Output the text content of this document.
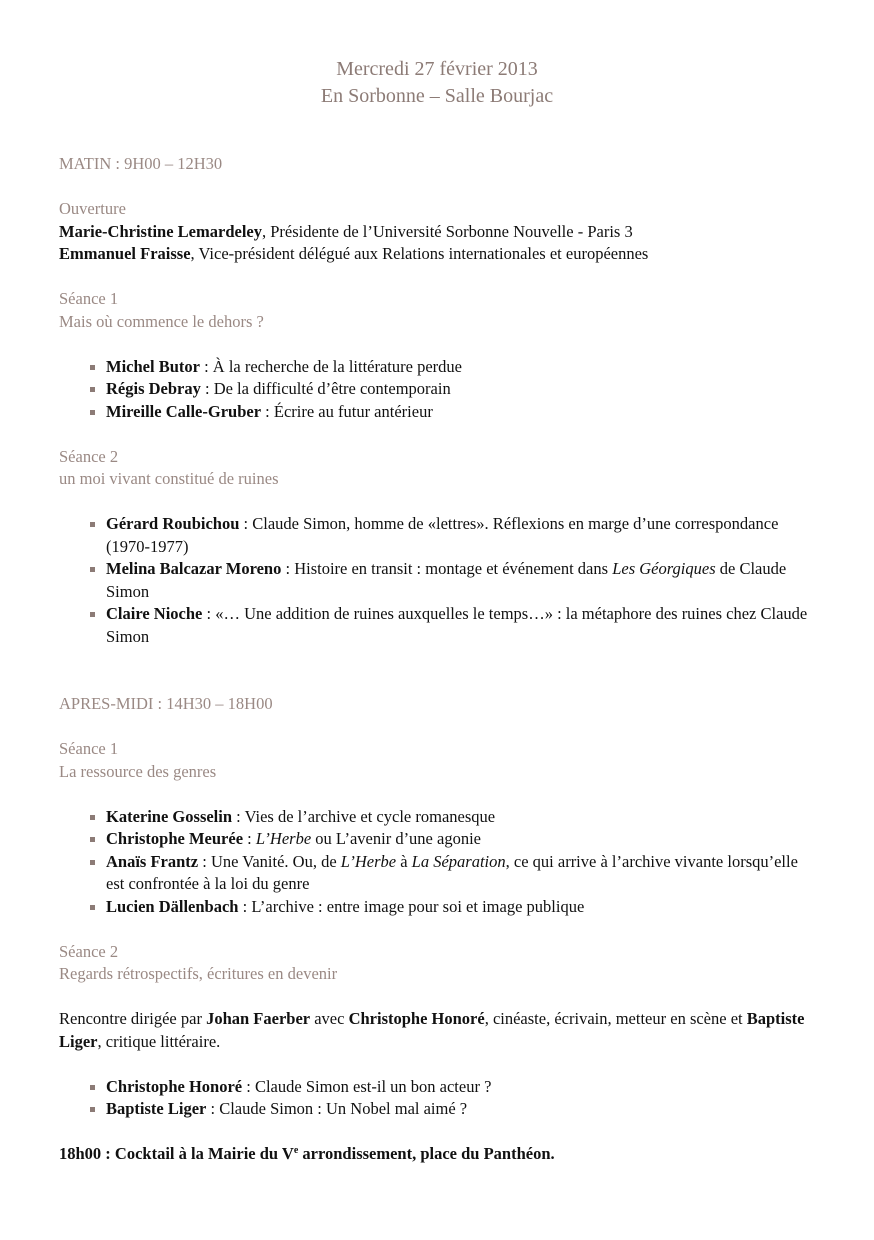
Mercredi 27 février 2013
En Sorbonne – Salle Bourjac

MATIN : 9H00 – 12H30

Ouverture

Marie-Christine Lemardeley, Présidente de l’Université Sorbonne Nouvelle - Paris 3

Emmanuel Fraisse, Vice-président délégué aux Relations internationales et européennes

Séance 1

Mais où commence le dehors ?

Michel Butor : À la recherche de la littérature perdue
Régis Debray : De la difficulté d’être contemporain
Mireille Calle-Gruber : Écrire au futur antérieur

Séance 2

un moi vivant constitué de ruines

Gérard Roubichou : Claude Simon, homme de «lettres». Réflexions en marge d’une correspondance (1970-1977)
Melina Balcazar Moreno : Histoire en transit : montage et événement dans Les Géorgiques de Claude Simon
Claire Nioche : «… Une addition de ruines auxquelles le temps…» : la métaphore des ruines chez Claude Simon

APRES-MIDI : 14H30 – 18H00

Séance 1

La ressource des genres

Katerine Gosselin : Vies de l’archive et cycle romanesque
Christophe Meurée : L’Herbe ou L’avenir d’une agonie
Anaïs Frantz : Une Vanité. Ou, de L’Herbe à La Séparation, ce qui arrive à l’archive vivante lorsqu’elle est confrontée à la loi du genre
Lucien Dällenbach : L’archive : entre image pour soi et image publique

Séance 2

Regards rétrospectifs, écritures en devenir

Rencontre dirigée par Johan Faerber avec Christophe Honoré, cinéaste, écrivain, metteur en scène et Baptiste Liger, critique littéraire.

Christophe Honoré : Claude Simon est-il un bon acteur ?
Baptiste Liger : Claude Simon : Un Nobel mal aimé ?

18h00 : Cocktail à la Mairie du Ve arrondissement, place du Panthéon.
